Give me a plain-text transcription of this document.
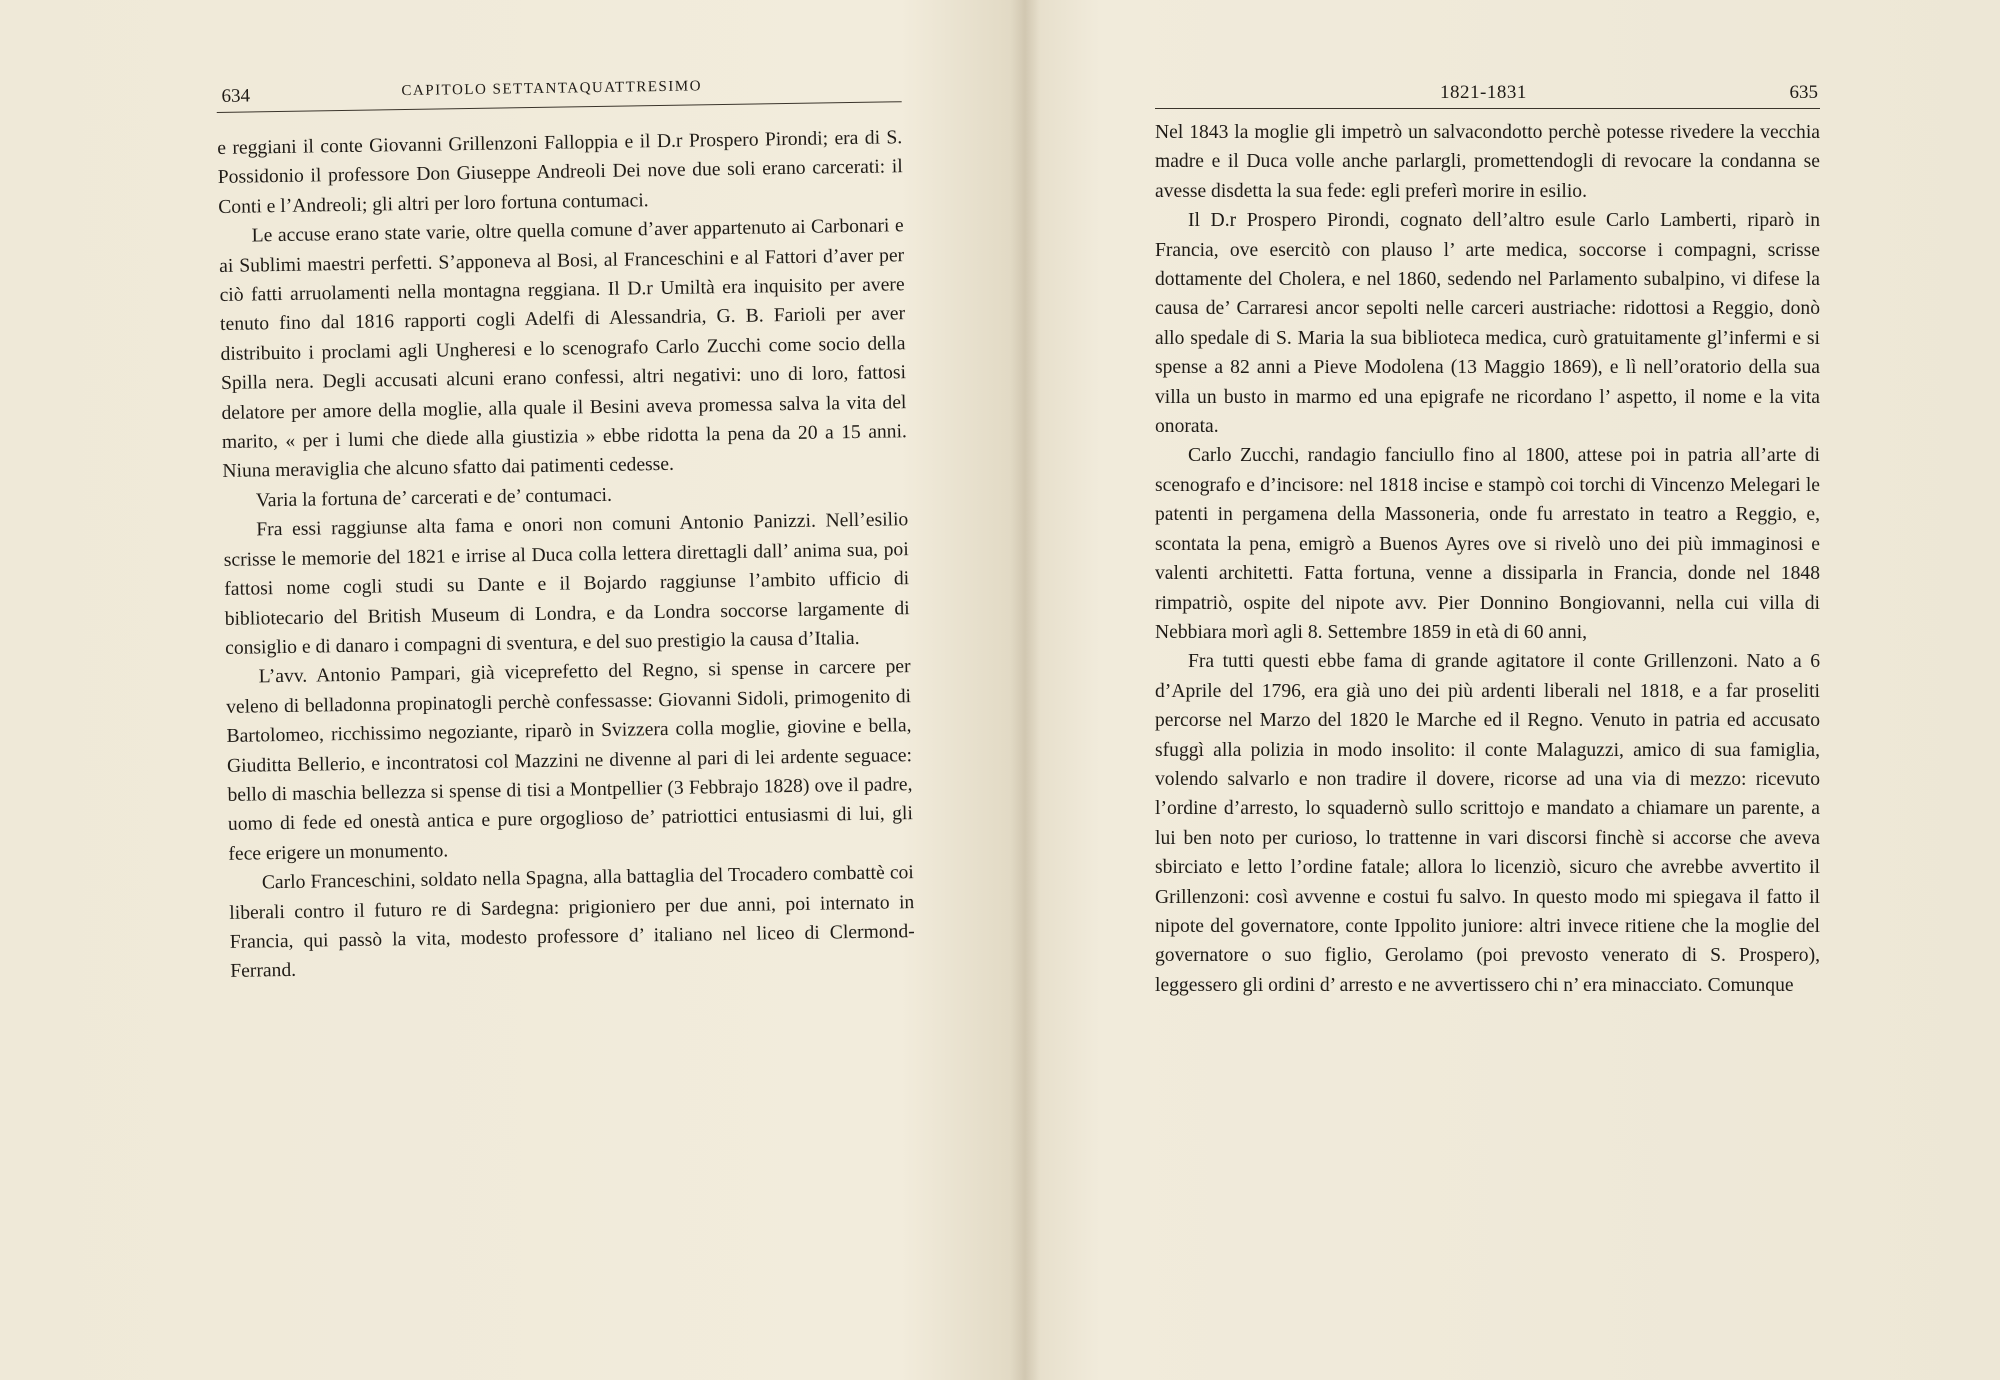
634	CAPITOLO SETTANTAQUATTRESIMO

e reggiani il conte Giovanni Grillenzoni Falloppia e il D.r Prospero Pirondi; era di S. Possidonio il professore Don Giuseppe Andreoli Dei nove due soli erano carcerati: il Conti e l’Andreoli; gli altri per loro fortuna contumaci.

Le accuse erano state varie, oltre quella comune d’aver appartenuto ai Carbonari e ai Sublimi maestri perfetti. S’apponeva al Bosi, al Franceschini e al Fattori d’aver per ciò fatti arruolamenti nella montagna reggiana. Il D.r Umiltà era inquisito per avere tenuto fino dal 1816 rapporti cogli Adelfi di Alessandria, G. B. Farioli per aver distribuito i proclami agli Ungheresi e lo scenografo Carlo Zucchi come socio della Spilla nera. Degli accusati alcuni erano confessi, altri negativi: uno di loro, fattosi delatore per amore della moglie, alla quale il Besini aveva promessa salva la vita del marito, « per i lumi che diede alla giustizia » ebbe ridotta la pena da 20 a 15 anni. Niuna meraviglia che alcuno sfatto dai patimenti cedesse.

Varia la fortuna de’ carcerati e de’ contumaci.

Fra essi raggiunse alta fama e onori non comuni Antonio Panizzi. Nell’esilio scrisse le memorie del 1821 e irrise al Duca colla lettera direttagli dall’ anima sua, poi fattosi nome cogli studi su Dante e il Bojardo raggiunse l’ambito ufficio di bibliotecario del British Museum di Londra, e da Londra soccorse largamente di consiglio e di danaro i compagni di sventura, e del suo prestigio la causa d’Italia.

L’avv. Antonio Pampari, già viceprefetto del Regno, si spense in carcere per veleno di belladonna propinatogli perchè confessasse: Giovanni Sidoli, primogenito di Bartolomeo, ricchissimo negoziante, riparò in Svizzera colla moglie, giovine e bella, Giuditta Bellerio, e incontratosi col Mazzini ne divenne al pari di lei ardente seguace: bello di maschia bellezza si spense di tisi a Montpellier (3 Febbrajo 1828) ove il padre, uomo di fede ed onestà antica e pure orgoglioso de’ patriottici entusiasmi di lui, gli fece erigere un monumento.

Carlo Franceschini, soldato nella Spagna, alla battaglia del Trocadero combattè coi liberali contro il futuro re di Sardegna: prigioniero per due anni, poi internato in Francia, qui passò la vita, modesto professore d’ italiano nel liceo di Clermond-Ferrand.

1821-1831	635

Nel 1843 la moglie gli impetrò un salvacondotto perchè potesse rivedere la vecchia madre e il Duca volle anche parlargli, promettendogli di revocare la condanna se avesse disdetta la sua fede: egli preferì morire in esilio.

Il D.r Prospero Pirondi, cognato dell’altro esule Carlo Lamberti, riparò in Francia, ove esercitò con plauso l’ arte medica, soccorse i compagni, scrisse dottamente del Cholera, e nel 1860, sedendo nel Parlamento subalpino, vi difese la causa de’ Carraresi ancor sepolti nelle carceri austriache: ridottosi a Reggio, donò allo spedale di S. Maria la sua biblioteca medica, curò gratuitamente gl’infermi e si spense a 82 anni a Pieve Modolena (13 Maggio 1869), e lì nell’oratorio della sua villa un busto in marmo ed una epigrafe ne ricordano l’ aspetto, il nome e la vita onorata.

Carlo Zucchi, randagio fanciullo fino al 1800, attese poi in patria all’arte di scenografo e d’incisore: nel 1818 incise e stampò coi torchi di Vincenzo Melegari le patenti in pergamena della Massoneria, onde fu arrestato in teatro a Reggio, e, scontata la pena, emigrò a Buenos Ayres ove si rivelò uno dei più immaginosi e valenti architetti. Fatta fortuna, venne a dissiparla in Francia, donde nel 1848 rimpatriò, ospite del nipote avv. Pier Donnino Bongiovanni, nella cui villa di Nebbiara morì agli 8. Settembre 1859 in età di 60 anni,

Fra tutti questi ebbe fama di grande agitatore il conte Grillenzoni. Nato a 6 d’Aprile del 1796, era già uno dei più ardenti liberali nel 1818, e a far proseliti percorse nel Marzo del 1820 le Marche ed il Regno. Venuto in patria ed accusato sfuggì alla polizia in modo insolito: il conte Malaguzzi, amico di sua famiglia, volendo salvarlo e non tradire il dovere, ricorse ad una via di mezzo: ricevuto l’ordine d’arresto, lo squadernò sullo scrittojo e mandato a chiamare un parente, a lui ben noto per curioso, lo trattenne in vari discorsi finchè si accorse che aveva sbirciato e letto l’ordine fatale; allora lo licenziò, sicuro che avrebbe avvertito il Grillenzoni: così avvenne e costui fu salvo. In questo modo mi spiegava il fatto il nipote del governatore, conte Ippolito juniore: altri invece ritiene che la moglie del governatore o suo figlio, Gerolamo (poi prevosto venerato di S. Prospero), leggessero gli ordini d’ arresto e ne avvertissero chi n’ era minacciato. Comunque
